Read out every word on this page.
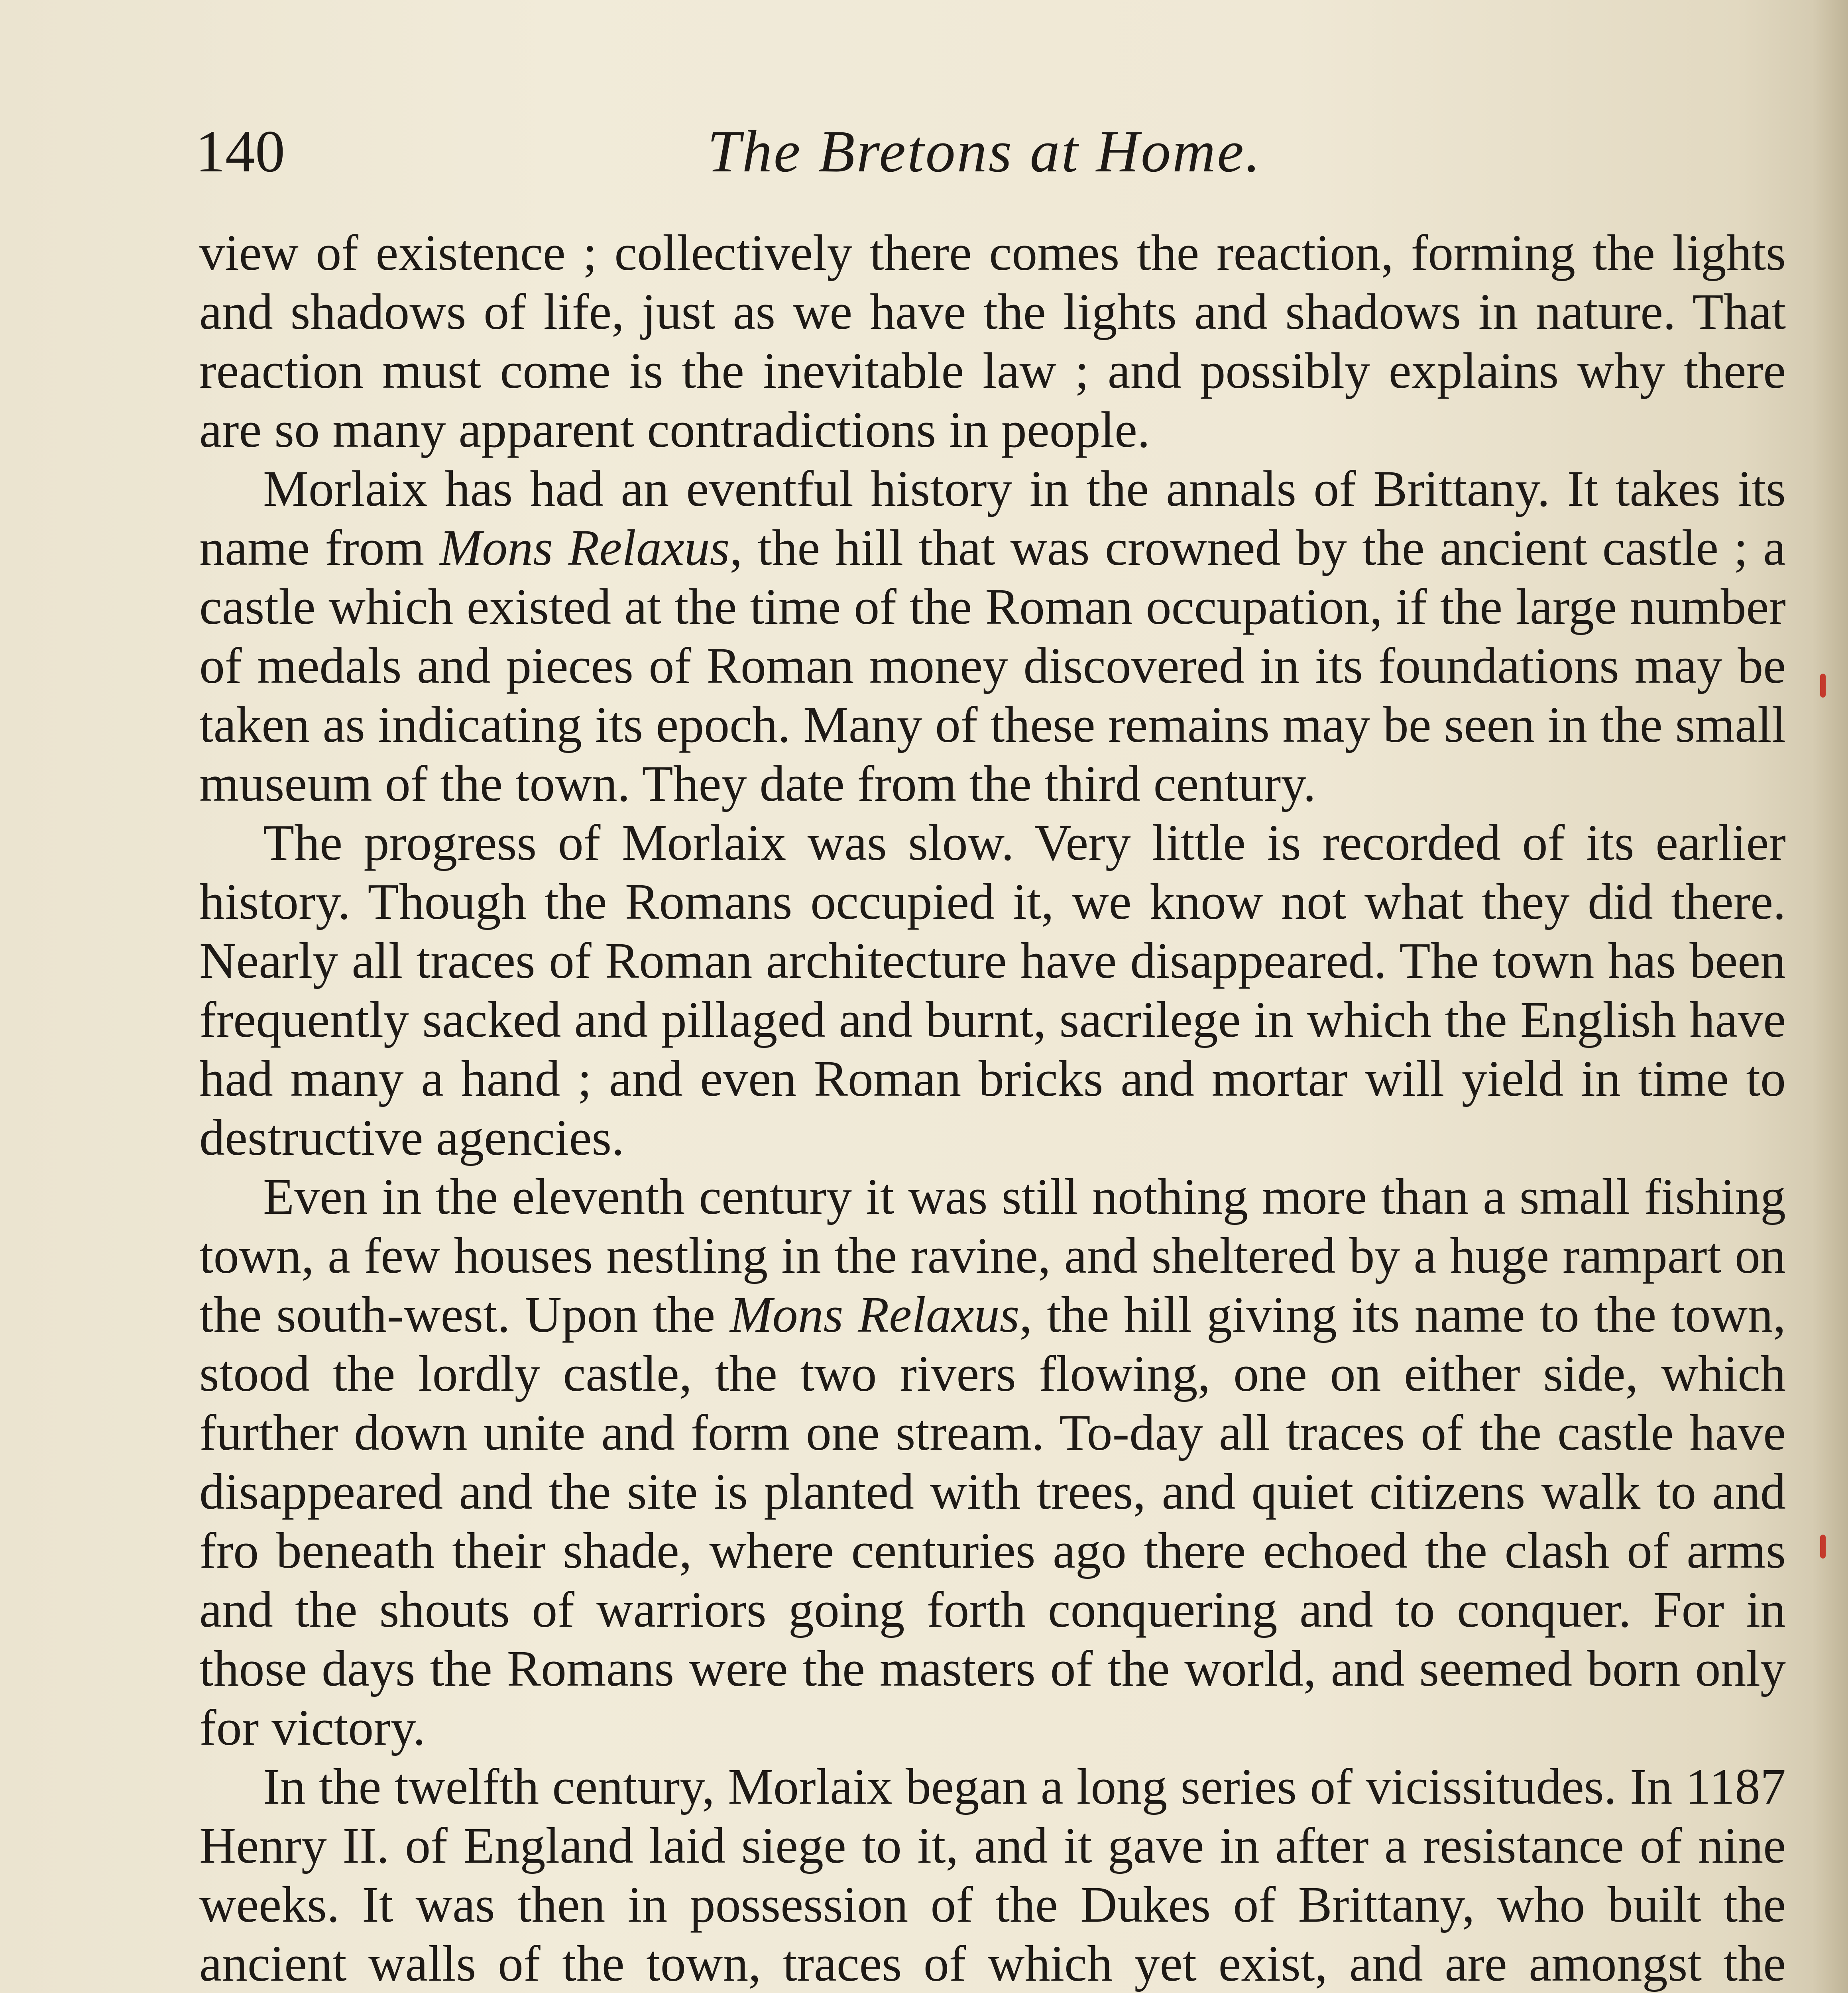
140	The Bretons at Home.

view of existence ; collectively there comes the reaction, forming the lights and shadows of life, just as we have the lights and shadows in nature. That reaction must come is the inevitable law ; and possibly explains why there are so many apparent contradictions in people.

Morlaix has had an eventful history in the annals of Brittany. It takes its name from Mons Relaxus, the hill that was crowned by the ancient castle ; a castle which existed at the time of the Roman occupation, if the large number of medals and pieces of Roman money discovered in its foundations may be taken as indicating its epoch. Many of these remains may be seen in the small museum of the town. They date from the third century.

The progress of Morlaix was slow. Very little is recorded of its earlier history. Though the Romans occupied it, we know not what they did there. Nearly all traces of Roman architecture have disappeared. The town has been frequently sacked and pillaged and burnt, sacrilege in which the English have had many a hand ; and even Roman bricks and mortar will yield in time to destructive agencies.

Even in the eleventh century it was still nothing more than a small fishing town, a few houses nestling in the ravine, and sheltered by a huge rampart on the south-west. Upon the Mons Relaxus, the hill giving its name to the town, stood the lordly castle, the two rivers flowing, one on either side, which further down unite and form one stream. To-day all traces of the castle have disappeared and the site is planted with trees, and quiet citizens walk to and fro beneath their shade, where centuries ago there echoed the clash of arms and the shouts of warriors going forth conquering and to conquer. For in those days the Romans were the masters of the world, and seemed born only for victory.

In the twelfth century, Morlaix began a long series of vicissitudes. In 1187 Henry II. of England laid siege to it, and it gave in after a resistance of nine weeks. It was then in possession of the Dukes of Brittany, who built the ancient walls of the town, traces of which yet exist, and are amongst the
